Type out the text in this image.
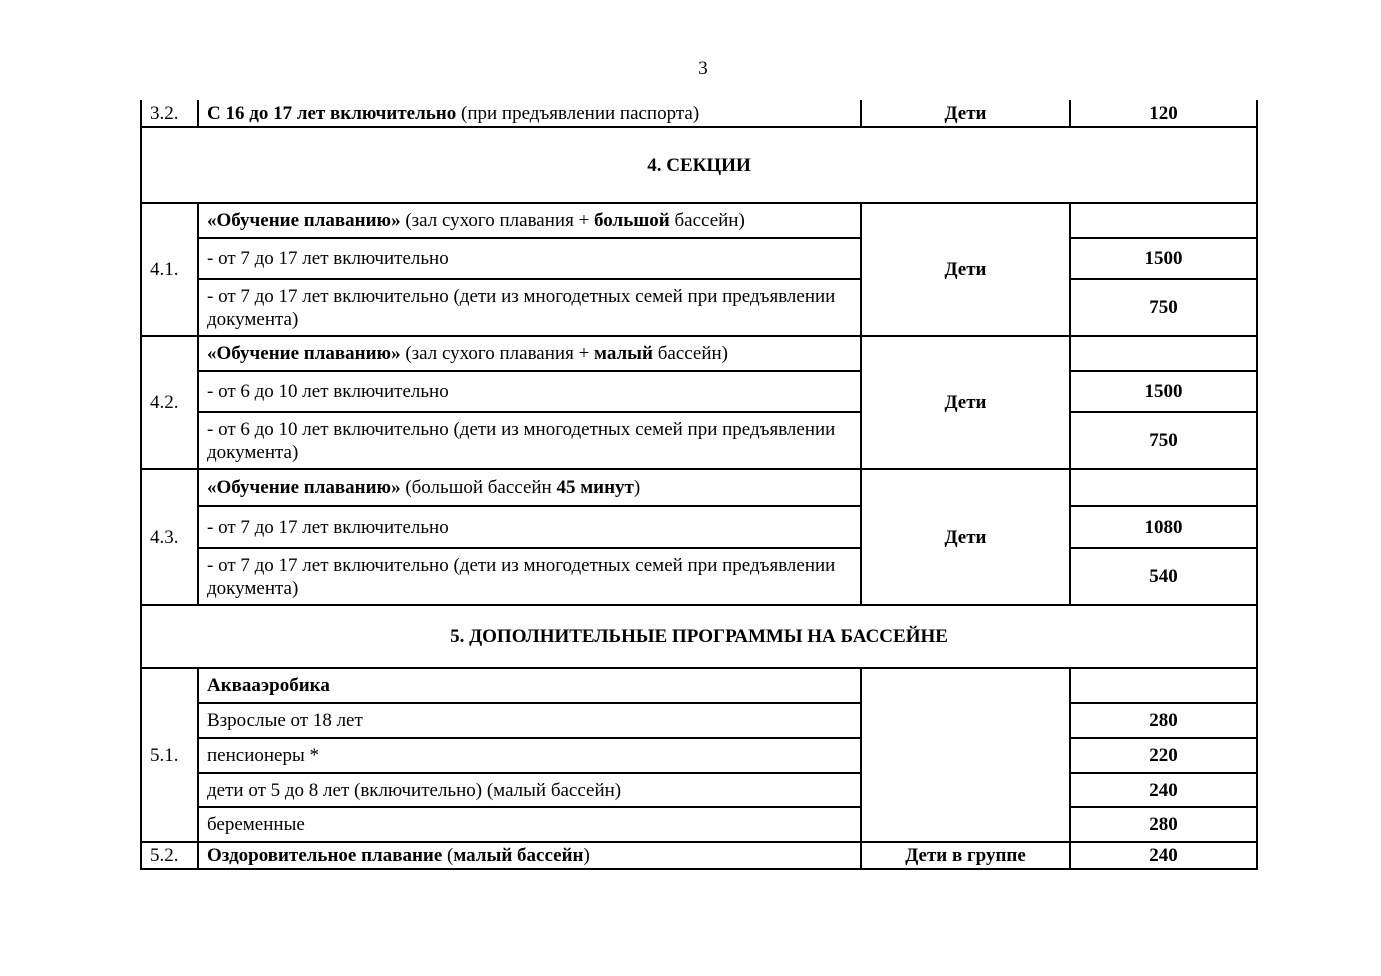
3
3.2.	С 16 до 17 лет включительно (при предъявлении паспорта)	Дети	120
4. СЕКЦИИ			
4.1.	«Обучение плаванию» (зал сухого плавания + большой бассейн)	Дети	
	- от 7 до 17 лет включительно		1500
	- от 7 до 17 лет включительно (дети из многодетных семей при предъявлении документа)		750
4.2.	«Обучение плаванию» (зал сухого плавания + малый бассейн)	Дети	
	- от 6 до 10 лет включительно		1500
	- от 6 до 10 лет включительно (дети из многодетных семей при предъявлении документа)		750
4.3.	«Обучение плаванию» (большой бассейн 45 минут)	Дети	
	- от 7 до 17 лет включительно		1080
	- от 7 до 17 лет включительно (дети из многодетных семей при предъявлении документа)		540
5. ДОПОЛНИТЕЛЬНЫЕ ПРОГРАММЫ НА БАССЕЙНЕ			
5.1.	Аквааэробика		
	Взрослые от 18 лет		280
	пенсионеры *		220
	дети от 5 до 8 лет (включительно) (малый бассейн)		240
	беременные		280
5.2.	Оздоровительное плавание (малый бассейн)	Дети в группе	240
